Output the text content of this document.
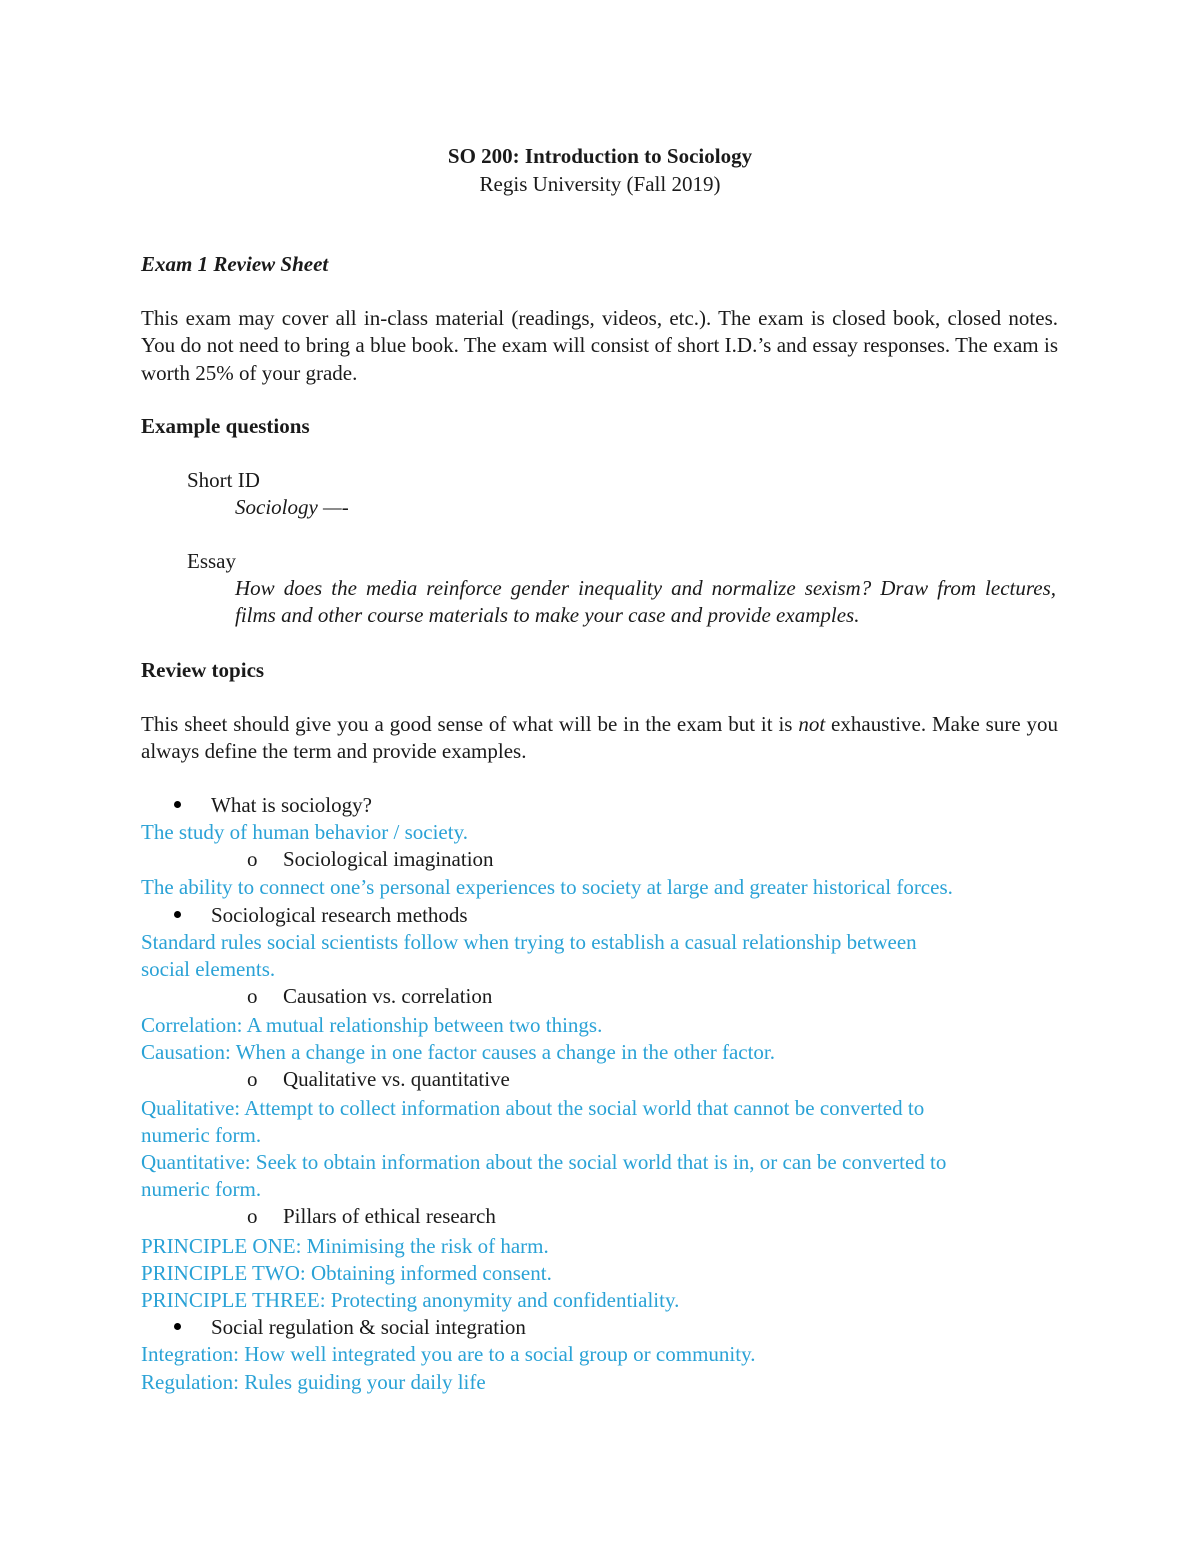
SO 200: Introduction to Sociology
Regis University (Fall 2019)
Exam 1 Review Sheet
This exam may cover all in-class material (readings, videos, etc.). The exam is closed book, closed notes. You do not need to bring a blue book. The exam will consist of short I.D.’s and essay responses. The exam is worth 25% of your grade.
Example questions
Short ID
Sociology —-
Essay
How does the media reinforce gender inequality and normalize sexism? Draw from lectures, films and other course materials to make your case and provide examples.
Review topics
This sheet should give you a good sense of what will be in the exam but it is not exhaustive. Make sure you always define the term and provide examples.
What is sociology?
The study of human behavior / society.
o Sociological imagination
The ability to connect one’s personal experiences to society at large and greater historical forces.
Sociological research methods
Standard rules social scientists follow when trying to establish a casual relationship between
social elements.
o Causation vs. correlation
Correlation: A mutual relationship between two things.
Causation: When a change in one factor causes a change in the other factor.
o Qualitative vs. quantitative
Qualitative: Attempt to collect information about the social world that cannot be converted to
numeric form.
Quantitative: Seek to obtain information about the social world that is in, or can be converted to
numeric form.
o Pillars of ethical research
PRINCIPLE ONE: Minimising the risk of harm.
PRINCIPLE TWO: Obtaining informed consent.
PRINCIPLE THREE: Protecting anonymity and confidentiality.
Social regulation & social integration
Integration: How well integrated you are to a social group or community.
Regulation: Rules guiding your daily life
